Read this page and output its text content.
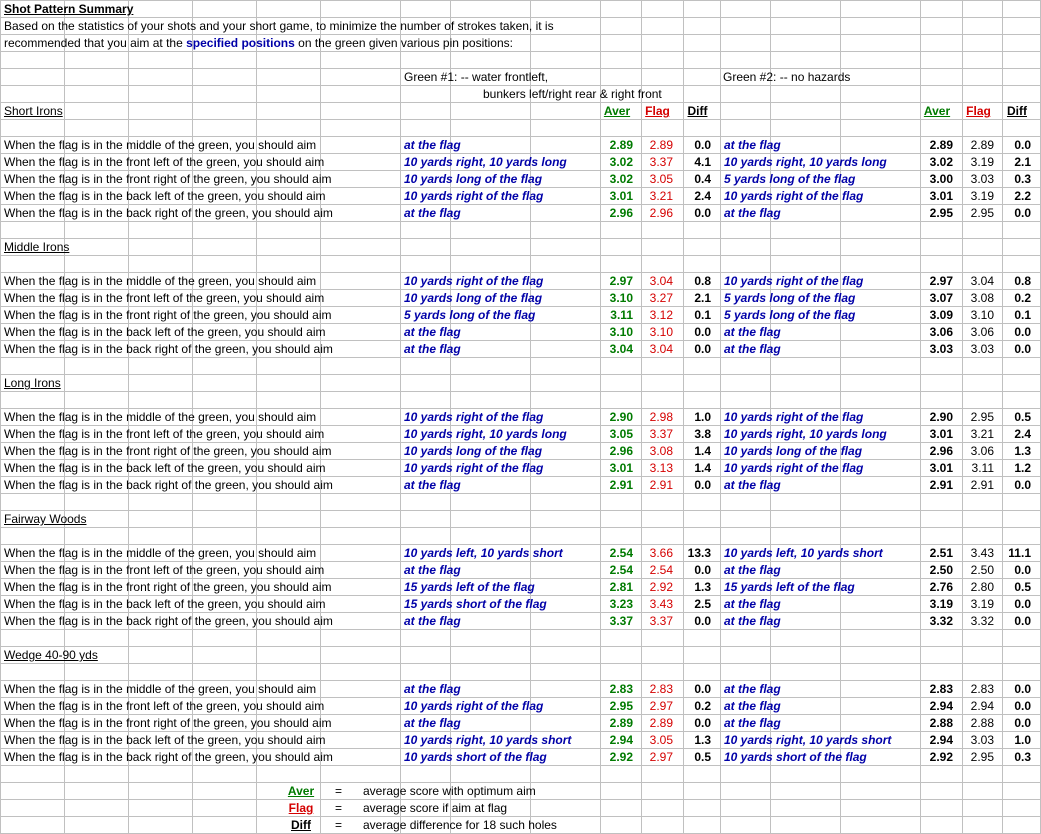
Shot Pattern Summary
Based on the statistics of your shots and your short game, to minimize the number of strokes taken, it is
recommended that you aim at the specified positions on the green given various pin positions:
Green #1: -- water frontleft,
bunkers left/right rear & right front
Green #2: -- no hazards
Short Irons	Aver Flag Diff	Aver Flag	Diff
When the flag is in the middle of the green, you should aim	at the flag	2.89	2.89	0.0 at the flag	2.89	2.89	0.0
When the flag is in the front left of the green, you should aim	10 yards right, 10 yards long	3.02	3.37	4.1 10 yards right, 10 yards long	3.02	3.19	2.1
When the flag is in the front right of the green, you should aim	10 yards long of the flag	3.02	3.05	0.4 5 yards long of the flag	3.00	3.03	0.3
When the flag is in the back left of the green, you should aim	10 yards right of the flag	3.01	3.21	2.4 10 yards right of the flag	3.01	3.19	2.2
When the flag is in the back right of the green, you should aim	at the flag	2.96	2.96	0.0 at the flag	2.95	2.95	0.0
Middle Irons
When the flag is in the middle of the green, you should aim	10 yards right of the flag	2.97	3.04	0.8 10 yards right of the flag	2.97	3.04	0.8
When the flag is in the front left of the green, you should aim	10 yards long of the flag	3.10	3.27	2.1 5 yards long of the flag	3.07	3.08	0.2
When the flag is in the front right of the green, you should aim	5 yards long of the flag	3.11	3.12	0.1 5 yards long of the flag	3.09	3.10	0.1
When the flag is in the back left of the green, you should aim	at the flag	3.10	3.10	0.0 at the flag	3.06	3.06	0.0
When the flag is in the back right of the green, you should aim	at the flag	3.04	3.04	0.0 at the flag	3.03	3.03	0.0
Long Irons
When the flag is in the middle of the green, you should aim	10 yards right of the flag	2.90	2.98	1.0 10 yards right of the flag	2.90	2.95	0.5
When the flag is in the front left of the green, you should aim	10 yards right, 10 yards long	3.05	3.37	3.8 10 yards right, 10 yards long	3.01	3.21	2.4
When the flag is in the front right of the green, you should aim	10 yards long of the flag	2.96	3.08	1.4 10 yards long of the flag	2.96	3.06	1.3
When the flag is in the back left of the green, you should aim	10 yards right of the flag	3.01	3.13	1.4 10 yards right of the flag	3.01	3.11	1.2
When the flag is in the back right of the green, you should aim	at the flag	2.91	2.91	0.0 at the flag	2.91	2.91	0.0
Fairway Woods
When the flag is in the middle of the green, you should aim	10 yards left, 10 yards short	2.54	3.66	13.3 10 yards left, 10 yards short	2.51	3.43	11.1
When the flag is in the front left of the green, you should aim	at the flag	2.54	2.54	0.0 at the flag	2.50	2.50	0.0
When the flag is in the front right of the green, you should aim	15 yards left of the flag	2.81	2.92	1.3 15 yards left of the flag	2.76	2.80	0.5
When the flag is in the back left of the green, you should aim	15 yards short of the flag	3.23	3.43	2.5 at the flag	3.19	3.19	0.0
When the flag is in the back right of the green, you should aim	at the flag	3.37	3.37	0.0 at the flag	3.32	3.32	0.0
Wedge 40-90 yds
When the flag is in the middle of the green, you should aim	at the flag	2.83	2.83	0.0 at the flag	2.83	2.83	0.0
When the flag is in the front left of the green, you should aim	10 yards right of the flag	2.95	2.97	0.2 at the flag	2.94	2.94	0.0
When the flag is in the front right of the green, you should aim	at the flag	2.89	2.89	0.0 at the flag	2.88	2.88	0.0
When the flag is in the back left of the green, you should aim	10 yards right, 10 yards short	2.94	3.05	1.3 10 yards right, 10 yards short	2.94	3.03	1.0
When the flag is in the back right of the green, you should aim	10 yards short of the flag	2.92	2.97	0.5 10 yards short of the flag	2.92	2.95	0.3
Aver	= average score with optimum aim
Flag	= average score if aim at flag
Diff	= average difference for 18 such holes
